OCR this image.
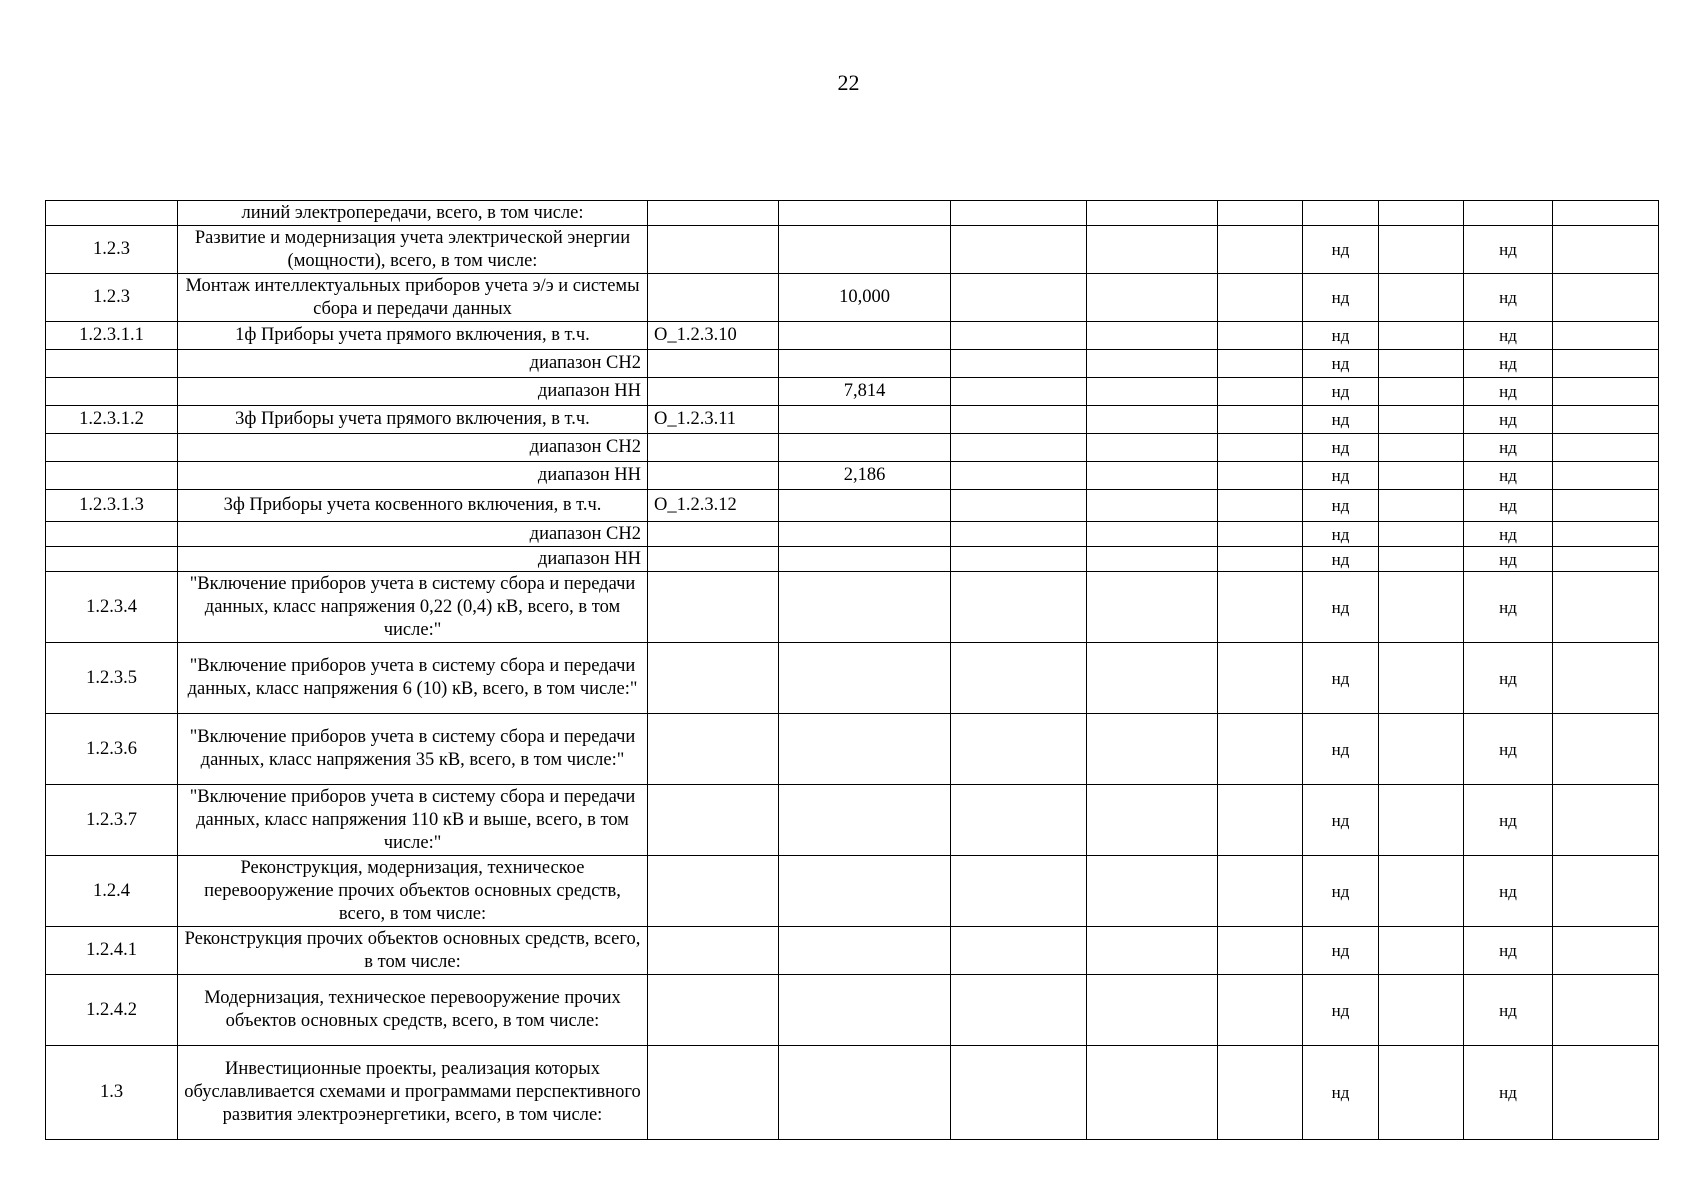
22
	линий электропередачи, всего, в том числе:									
1.2.3	Развитие и модернизация учета электрической энергии (мощности), всего, в том числе:						нд		нд	
1.2.3	Монтаж интеллектуальных приборов учета э/э и системы сбора и передачи данных		10,000				нд		нд	
1.2.3.1.1	1ф Приборы учета прямого включения, в т.ч.	О_1.2.3.10					нд		нд	
	диапазон СН2						нд		нд	
	диапазон НН		7,814				нд		нд	
1.2.3.1.2	3ф Приборы учета прямого включения, в т.ч.	О_1.2.3.11					нд		нд	
	диапазон СН2						нд		нд	
	диапазон НН		2,186				нд		нд	
1.2.3.1.3	3ф Приборы учета косвенного включения, в т.ч.	О_1.2.3.12					нд		нд	
	диапазон СН2						нд		нд	
	диапазон НН						нд		нд	
1.2.3.4	"Включение приборов учета в систему сбора и передачи данных, класс напряжения 0,22 (0,4) кВ, всего, в том числе:"						нд		нд	
1.2.3.5	"Включение приборов учета в систему сбора и передачи данных, класс напряжения 6 (10) кВ, всего, в том числе:"						нд		нд	
1.2.3.6	"Включение приборов учета в систему сбора и передачи данных, класс напряжения 35 кВ, всего, в том числе:"						нд		нд	
1.2.3.7	"Включение приборов учета в систему сбора и передачи данных, класс напряжения 110 кВ и выше, всего, в том числе:"						нд		нд	
1.2.4	Реконструкция, модернизация, техническое перевооружение прочих объектов основных средств, всего, в том числе:						нд		нд	
1.2.4.1	Реконструкция прочих объектов основных средств, всего, в том числе:						нд		нд	
1.2.4.2	Модернизация, техническое перевооружение прочих объектов основных средств, всего, в том числе:						нд		нд	
1.3	Инвестиционные проекты, реализация которых обуславливается схемами и программами перспективного развития электроэнергетики, всего, в том числе:						нд		нд	
